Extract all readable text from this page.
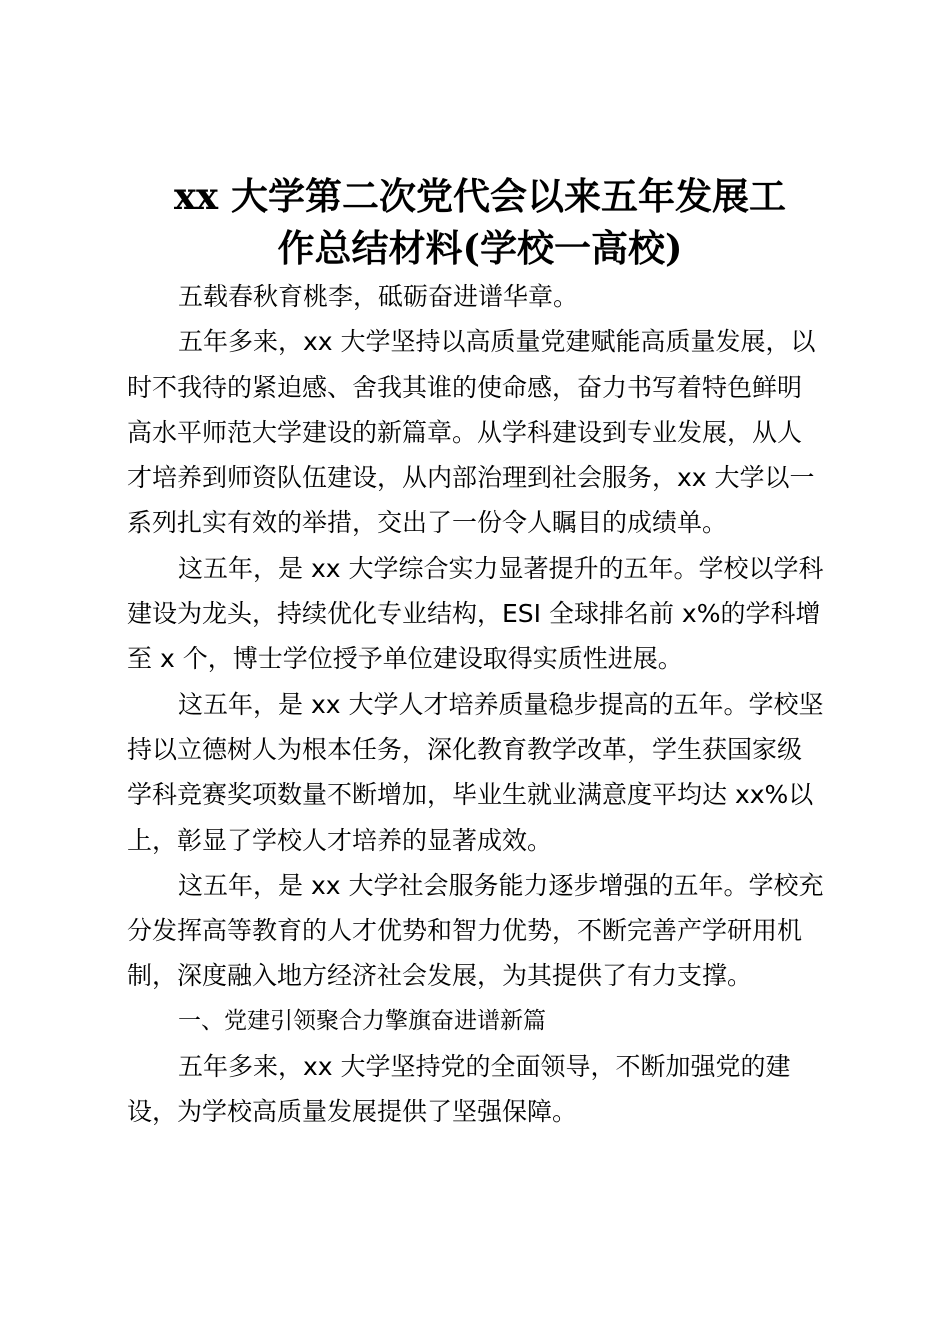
xx 大学第二次党代会以来五年发展工
作总结材料(学校一高校)
五载春秋育桃李，砥砺奋进谱华章。
五年多来，xx 大学坚持以高质量党建赋能高质量发展，以
时不我待的紧迫感、舍我其谁的使命感，奋力书写着特色鲜明
高水平师范大学建设的新篇章。从学科建设到专业发展，从人
才培养到师资队伍建设，从内部治理到社会服务，xx 大学以一
系列扎实有效的举措，交出了一份令人瞩目的成绩单。
这五年，是 xx 大学综合实力显著提升的五年。学校以学科
建设为龙头，持续优化专业结构，ESI 全球排名前 x%的学科增
至 x 个，博士学位授予单位建设取得实质性进展。
这五年，是 xx 大学人才培养质量稳步提高的五年。学校坚
持以立德树人为根本任务，深化教育教学改革，学生获国家级
学科竞赛奖项数量不断增加，毕业生就业满意度平均达 xx%以
上，彰显了学校人才培养的显著成效。
这五年，是 xx 大学社会服务能力逐步增强的五年。学校充
分发挥高等教育的人才优势和智力优势，不断完善产学研用机
制，深度融入地方经济社会发展，为其提供了有力支撑。
一、党建引领聚合力擎旗奋进谱新篇
五年多来，xx 大学坚持党的全面领导，不断加强党的建
设，为学校高质量发展提供了坚强保障。
